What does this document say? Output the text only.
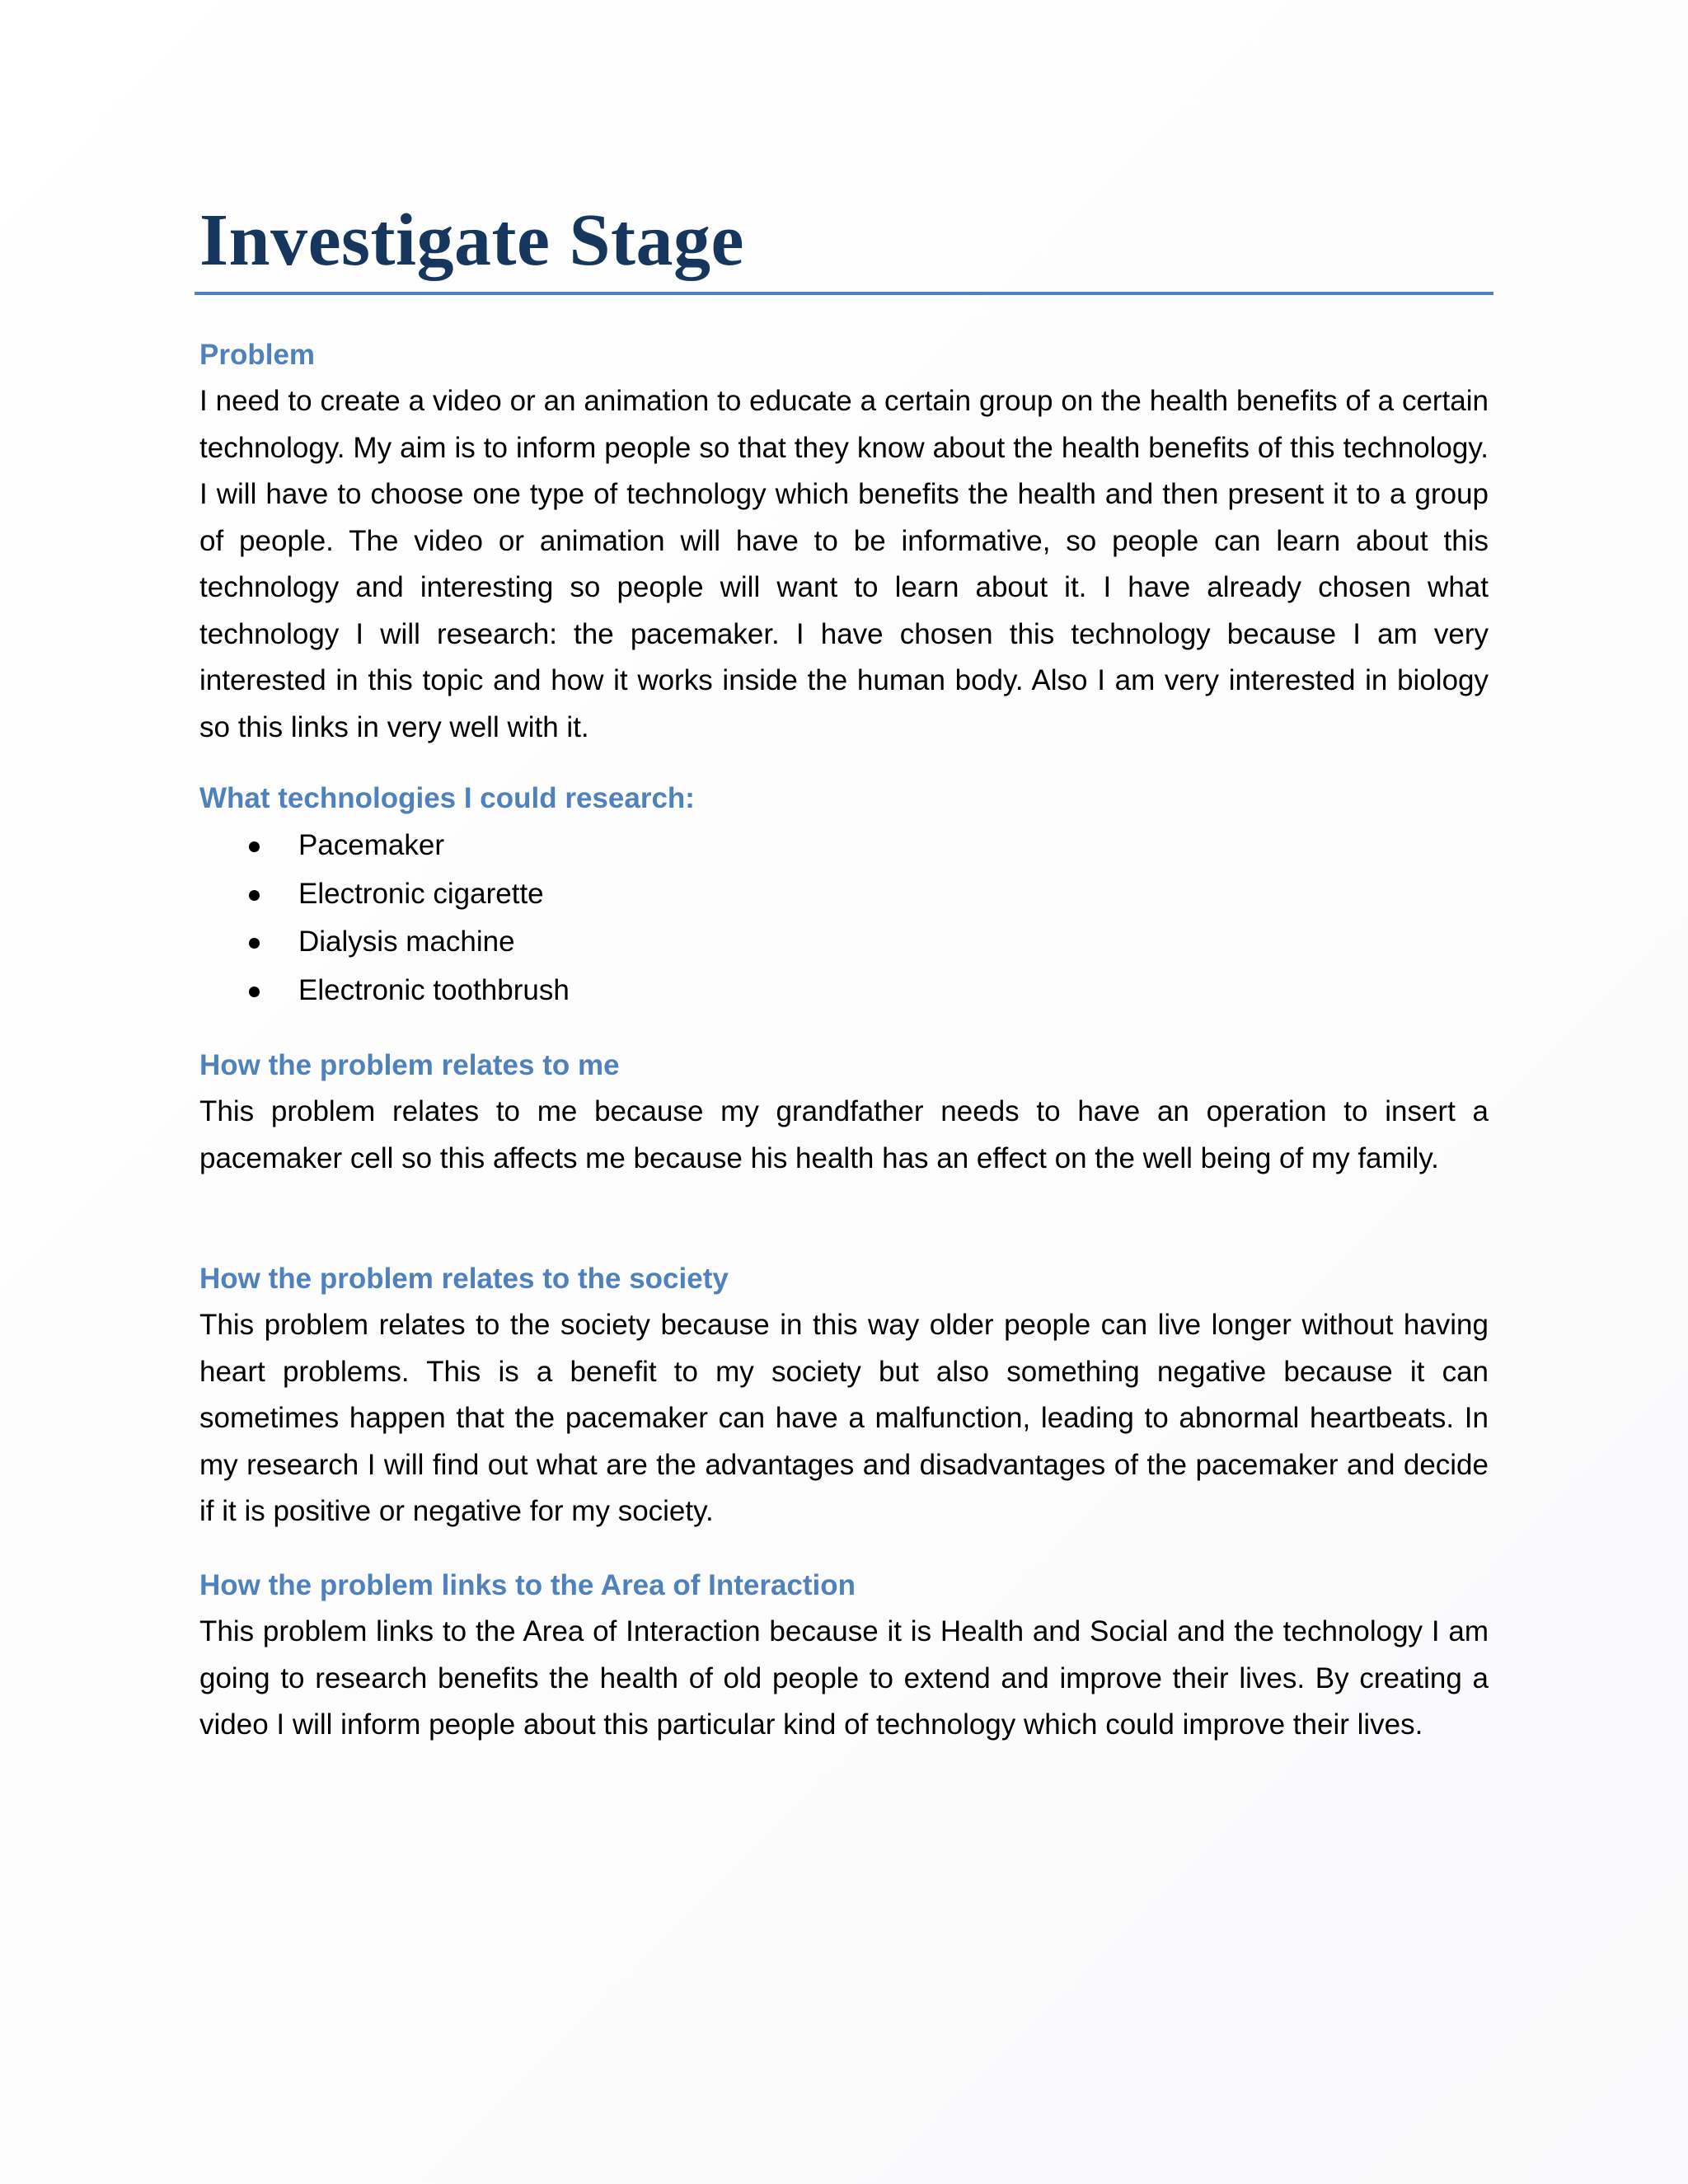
Investigate Stage
Problem

I need to create a video or an animation to educate a certain group on the health benefits of a certain technology. My aim is to inform people so that they know about the health benefits of this technology. I will have to choose one type of technology which benefits the health and then present it to a group of people. The video or animation will have to be informative, so people can learn about this technology and interesting so people will want to learn about it. I have already chosen what technology I will research: the pacemaker. I have chosen this technology because I am very interested in this topic and how it works inside the human body. Also I am very interested in biology so this links in very well with it.

What technologies I could research:
Pacemaker
Electronic cigarette
Dialysis machine
Electronic toothbrush
How the problem relates to me

This problem relates to me because my grandfather needs to have an operation to insert a pacemaker cell so this affects me because his health has an effect on the well being of my family.

How the problem relates to the society

This problem relates to the society because in this way older people can live longer without having heart problems. This is a benefit to my society but also something negative because it can sometimes happen that the pacemaker can have a malfunction, leading to abnormal heartbeats. In my research I will find out what are the advantages and disadvantages of the pacemaker and decide if it is positive or negative for my society.

How the problem links to the Area of Interaction

This problem links to the Area of Interaction because it is Health and Social and the technology I am going to research benefits the health of old people to extend and improve their lives. By creating a video I will inform people about this particular kind of technology which could improve their lives.
